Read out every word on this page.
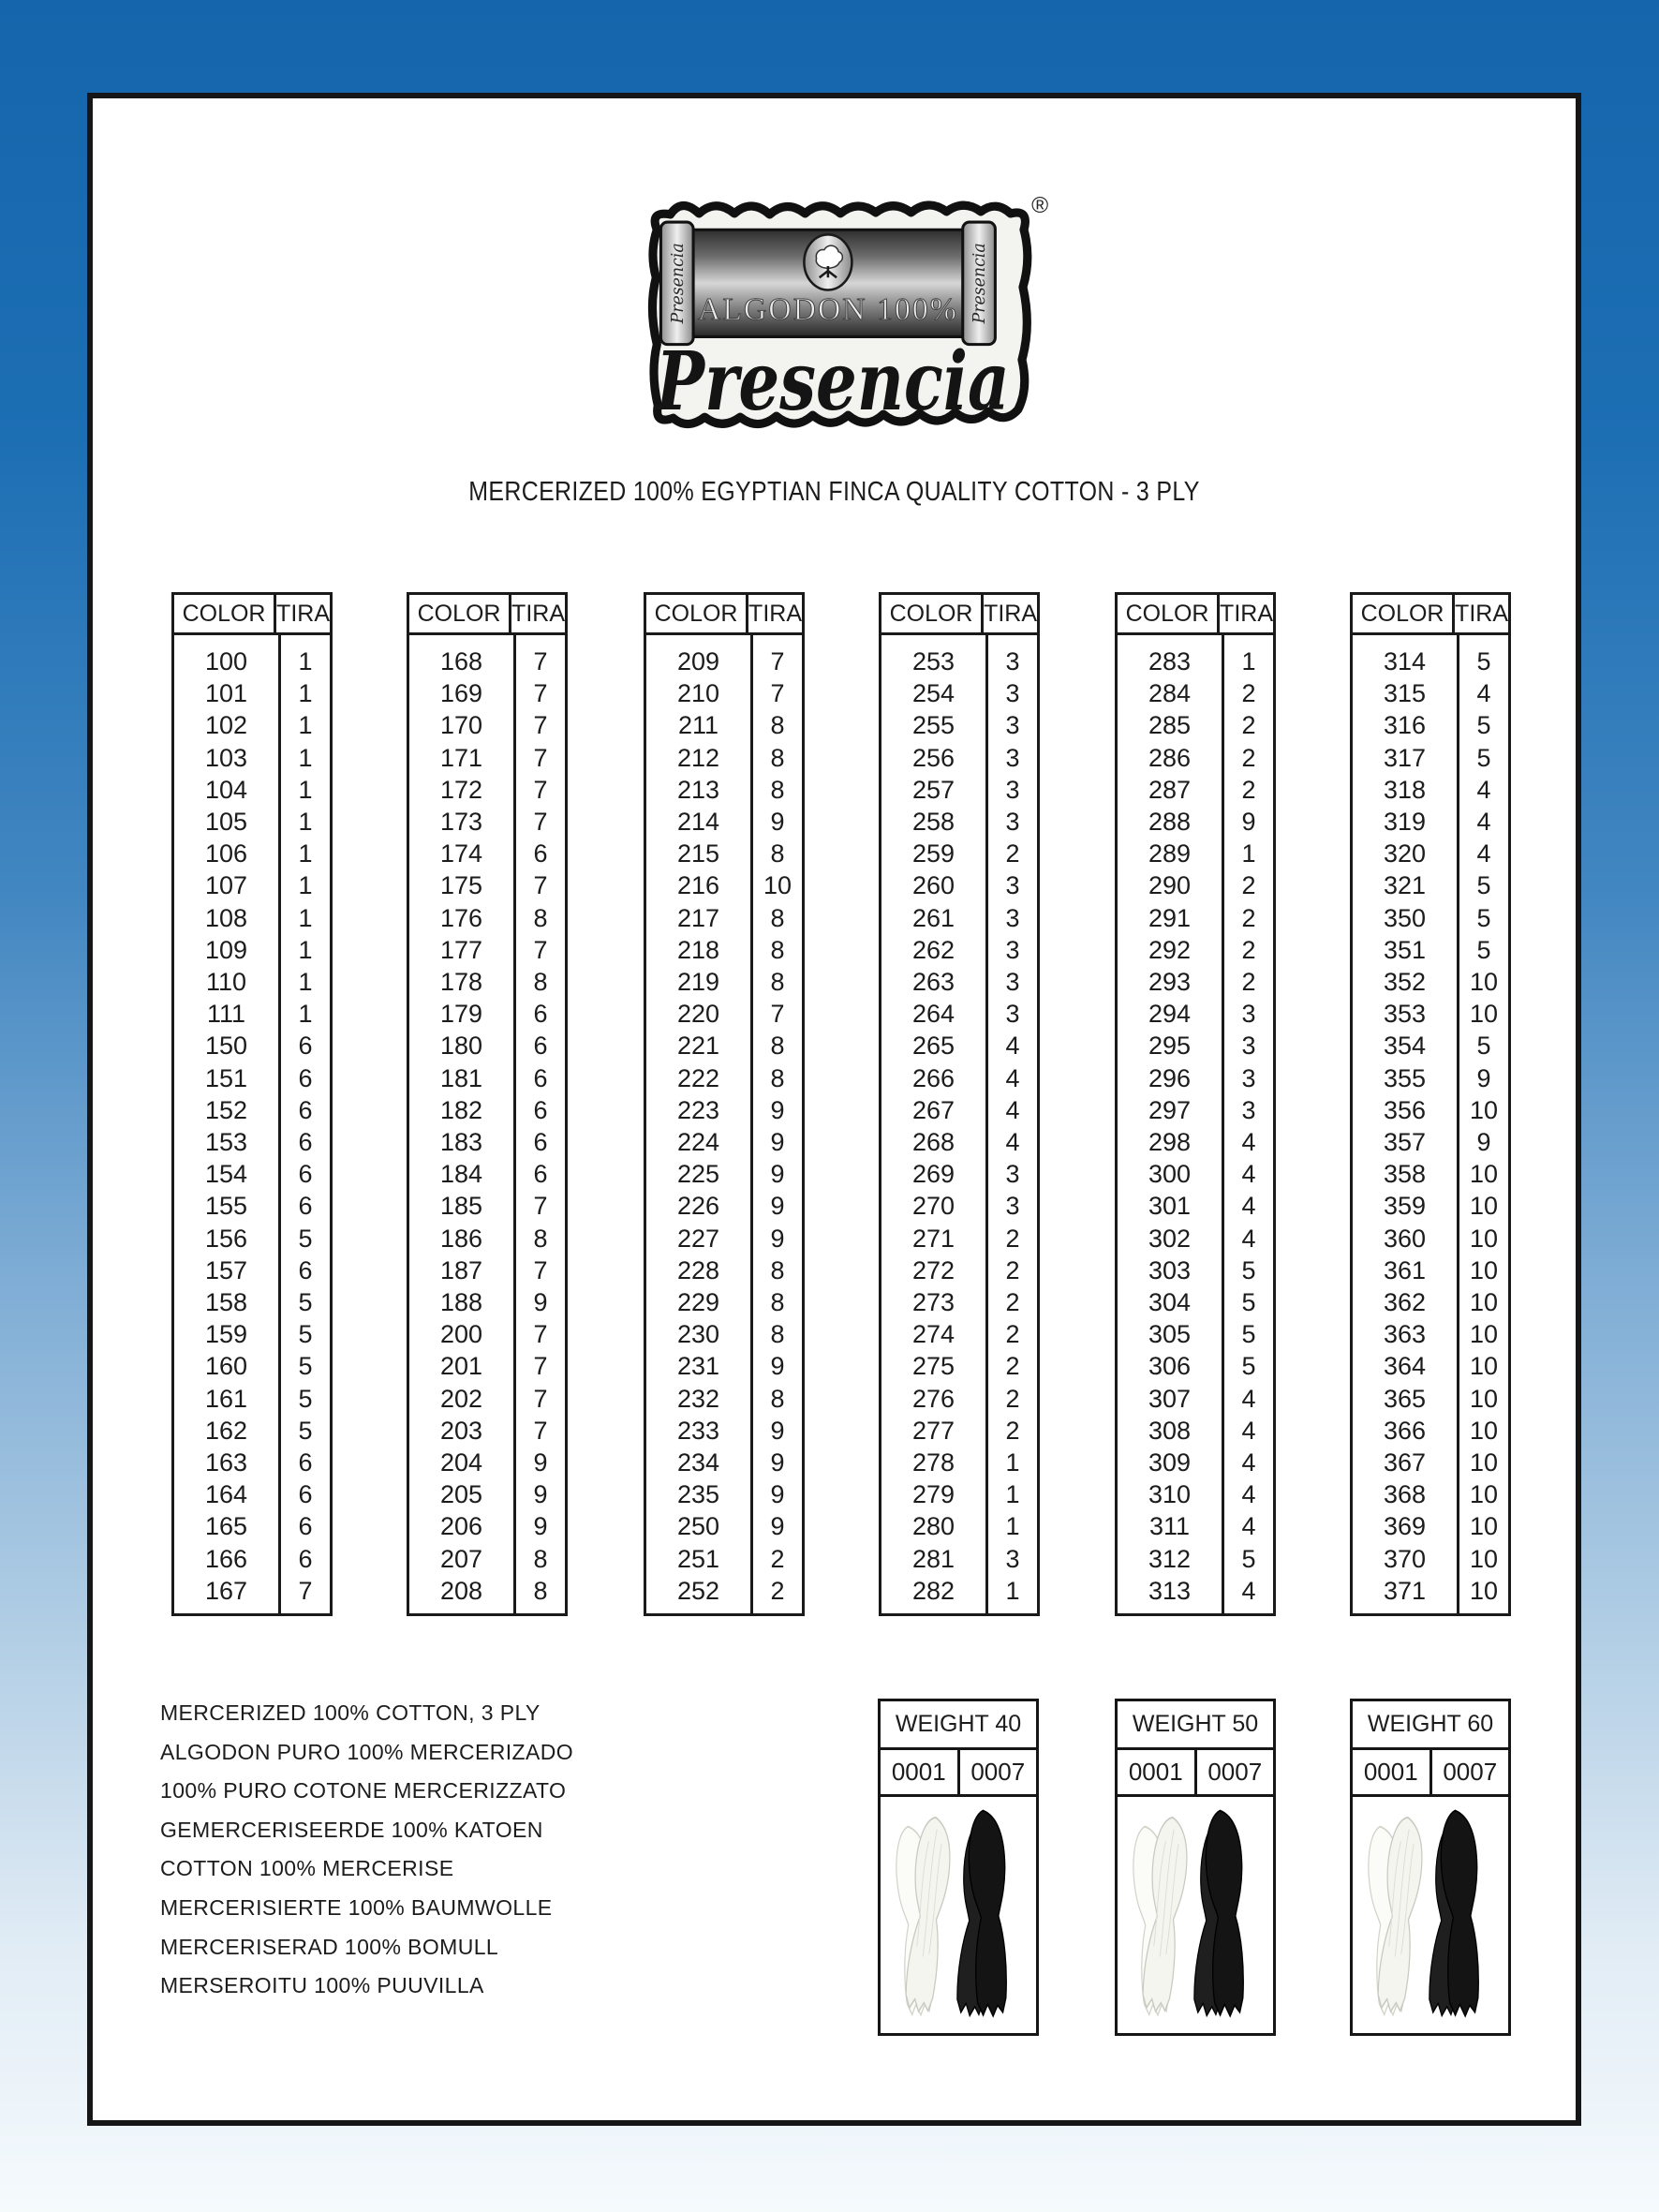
Presencia	Presencia
ALGODON 100%
Presencia
®
MERCERIZED 100% EGYPTIAN FINCA QUALITY COTTON - 3 PLY
COLOR TIRA
100	1
101	1
102	1
103	1
104	1
105	1
106	1
107	1
108	1
109	1
110	1
111	1
150	6
151	6
152	6
153	6
154	6
155	6
156	5
157	6
158	5
159	5
160	5
161	5
162	5
163	6
164	6
165	6
166	6
167	7
COLOR TIRA
168	7
169	7
170	7
171	7
172	7
173	7
174	6
175	7
176	8
177	7
178	8
179	6
180	6
181	6
182	6
183	6
184	6
185	7
186	8
187	7
188	9
200	7
201	7
202	7
203	7
204	9
205	9
206	9
207	8
208	8
COLOR TIRA
209	7
210	7
211	8
212	8
213	8
214	9
215	8
216	10
217	8
218	8
219	8
220	7
221	8
222	8
223	9
224	9
225	9
226	9
227	9
228	8
229	8
230	8
231	9
232	8
233	9
234	9
235	9
250	9
251	2
252	2
COLOR TIRA
253	3
254	3
255	3
256	3
257	3
258	3
259	2
260	3
261	3
262	3
263	3
264	3
265	4
266	4
267	4
268	4
269	3
270	3
271	2
272	2
273	2
274	2
275	2
276	2
277	2
278	1
279	1
280	1
281	3
282	1
COLOR TIRA
283	1
284	2
285	2
286	2
287	2
288	9
289	1
290	2
291	2
292	2
293	2
294	3
295	3
296	3
297	3
298	4
300	4
301	4
302	4
303	5
304	5
305	5
306	5
307	4
308	4
309	4
310	4
311	4
312	5
313	4
COLOR TIRA
314	5
315	4
316	5
317	5
318	4
319	4
320	4
321	5
350	5
351	5
352	10
353	10
354	5
355	9
356	10
357	9
358	10
359	10
360	10
361	10
362	10
363	10
364	10
365	10
366	10
367	10
368	10
369	10
370	10
371	10
MERCERIZED 100% COTTON, 3 PLY
ALGODON PURO 100% MERCERIZADO
100% PURO COTONE MERCERIZZATO
GEMERCERISEERDE 100% KATOEN
COTTON 100% MERCERISE
MERCERISIERTE 100% BAUMWOLLE
MERCERISERAD 100% BOMULL
MERSEROITU 100% PUUVILLA
WEIGHT 40
0001	0007
WEIGHT 50
0001	0007
WEIGHT 60
0001	0007
